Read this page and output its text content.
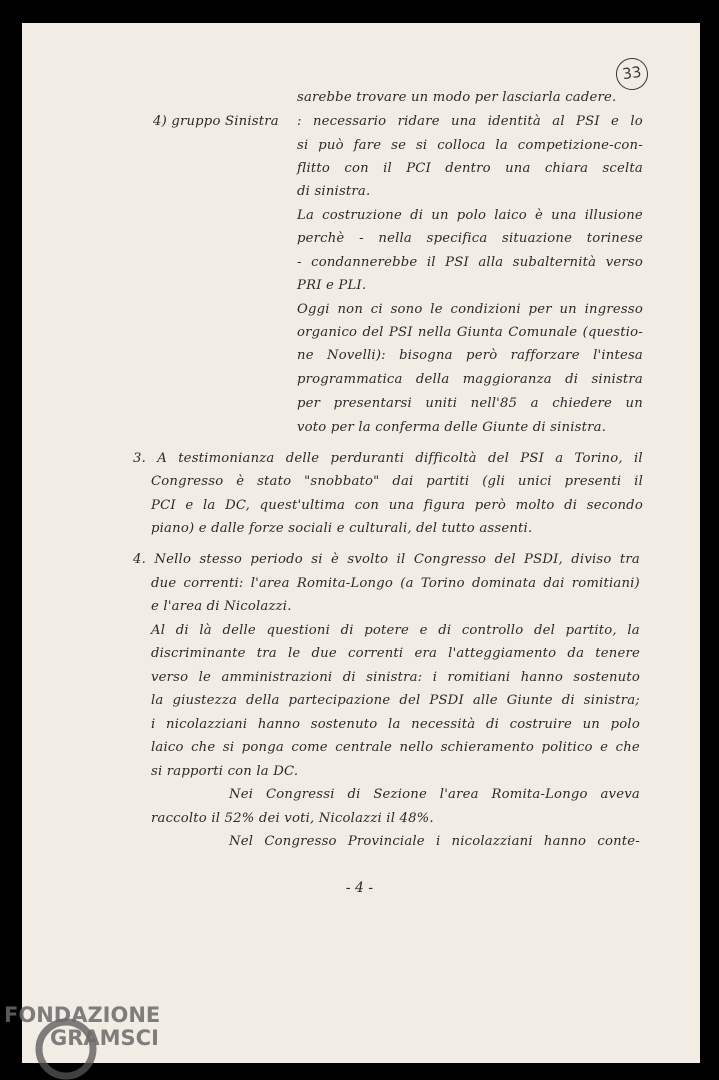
33
sarebbe trovare un modo per lasciarla cadere.
4) gruppo Sinistra : necessario ridare una identità al PSI e lo
si può fare se si colloca la competizione-con-
flitto con il PCI dentro una chiara scelta
di sinistra.
La costruzione di un polo laico è una illusione
perchè - nella specifica situazione torinese
- condannerebbe il PSI alla subalternità verso
PRI e PLI.
Oggi non ci sono le condizioni per un ingresso
organico del PSI nella Giunta Comunale (questio-
ne Novelli): bisogna però rafforzare l'intesa
programmatica della maggioranza di sinistra
per presentarsi uniti nell'85 a chiedere un
voto per la conferma delle Giunte di sinistra.
3. A testimonianza delle perduranti difficoltà del PSI a Torino, il
Congresso è stato "snobbato" dai partiti (gli unici presenti il
PCI e la DC, quest'ultima con una figura però molto di secondo
piano) e dalle forze sociali e culturali, del tutto assenti.
4. Nello stesso periodo si è svolto il Congresso del PSDI, diviso tra
due correnti: l'area Romita-Longo (a Torino dominata dai romitiani)
e l'area di Nicolazzi.
Al di là delle questioni di potere e di controllo del partito, la
discriminante tra le due correnti era l'atteggiamento da tenere
verso le amministrazioni di sinistra: i romitiani hanno sostenuto
la giustezza della partecipazione del PSDI alle Giunte di sinistra;
i nicolazziani hanno sostenuto la necessità di costruire un polo
laico che si ponga come centrale nello schieramento politico e che
si rapporti con la DC.
Nei Congressi di Sezione l'area Romita-Longo aveva
raccolto il 52% dei voti, Nicolazzi il 48%.
Nel Congresso Provinciale i nicolazziani hanno conte-
- 4 -
FONDAZIONE
GRAMSCI
